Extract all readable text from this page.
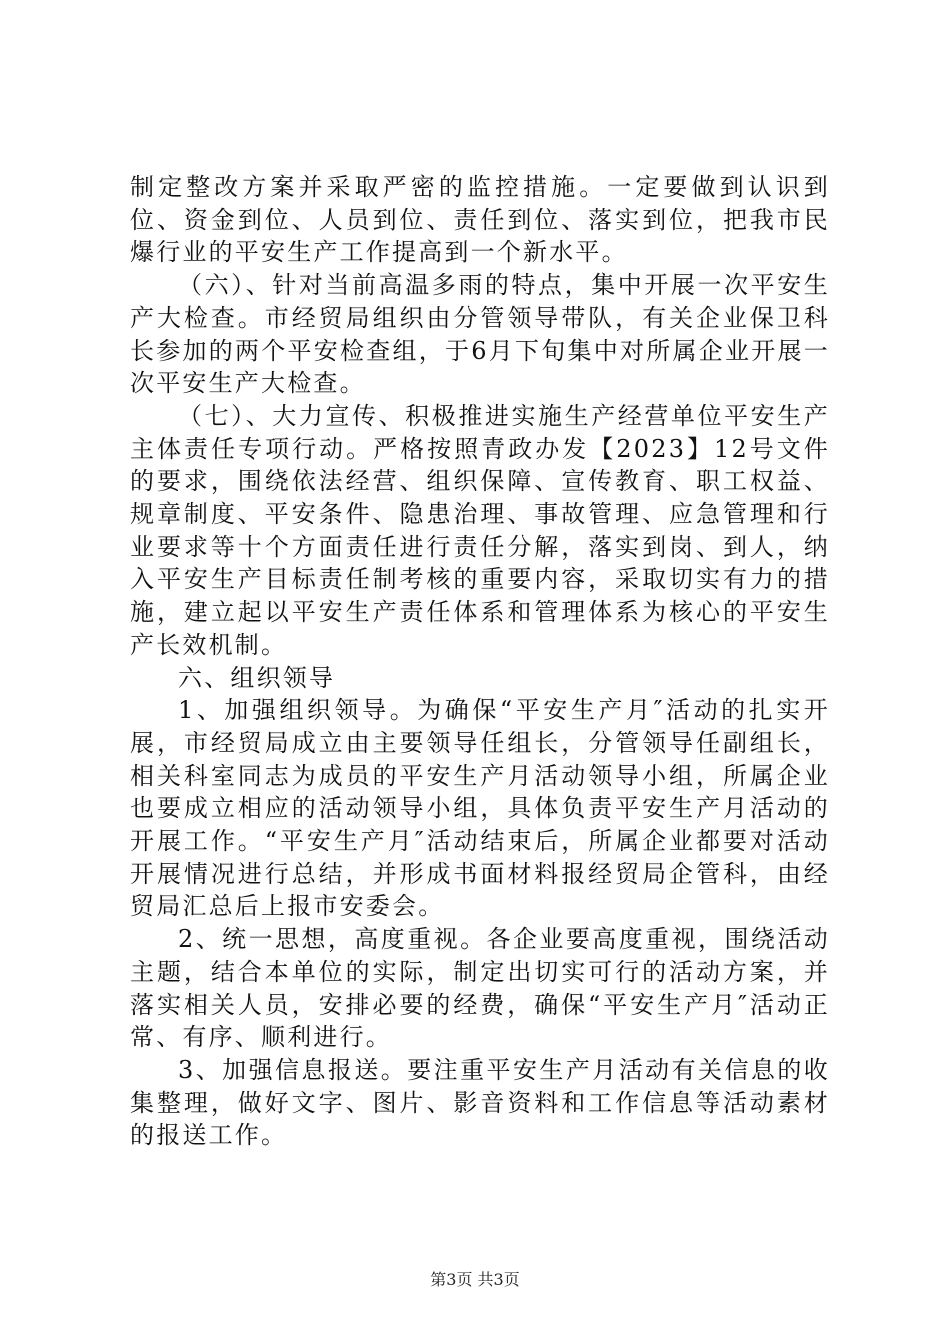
制定整改方案并采取严密的监控措施。一定要做到认识到位、资金到位、人员到位、责任到位、落实到位，把我市民爆行业的平安生产工作提高到一个新水平。

（六）、针对当前高温多雨的特点，集中开展一次平安生产大检查。市经贸局组织由分管领导带队，有关企业保卫科长参加的两个平安检查组，于6月下旬集中对所属企业开展一次平安生产大检查。

（七）、大力宣传、积极推进实施生产经营单位平安生产主体责任专项行动。严格按照青政办发【2023】12号文件的要求，围绕依法经营、组织保障、宣传教育、职工权益、规章制度、平安条件、隐患治理、事故管理、应急管理和行业要求等十个方面责任进行责任分解，落实到岗、到人，纳入平安生产目标责任制考核的重要内容，采取切实有力的措施，建立起以平安生产责任体系和管理体系为核心的平安生产长效机制。

六、组织领导

1、加强组织领导。为确保“平安生产月″活动的扎实开展，市经贸局成立由主要领导任组长，分管领导任副组长，相关科室同志为成员的平安生产月活动领导小组，所属企业也要成立相应的活动领导小组，具体负责平安生产月活动的开展工作。“平安生产月″活动结束后，所属企业都要对活动开展情况进行总结，并形成书面材料报经贸局企管科，由经贸局汇总后上报市安委会。

2、统一思想，高度重视。各企业要高度重视，围绕活动主题，结合本单位的实际，制定出切实可行的活动方案，并落实相关人员，安排必要的经费，确保“平安生产月″活动正常、有序、顺利进行。

3、加强信息报送。要注重平安生产月活动有关信息的收集整理，做好文字、图片、影音资料和工作信息等活动素材的报送工作。

第3页 共3页
